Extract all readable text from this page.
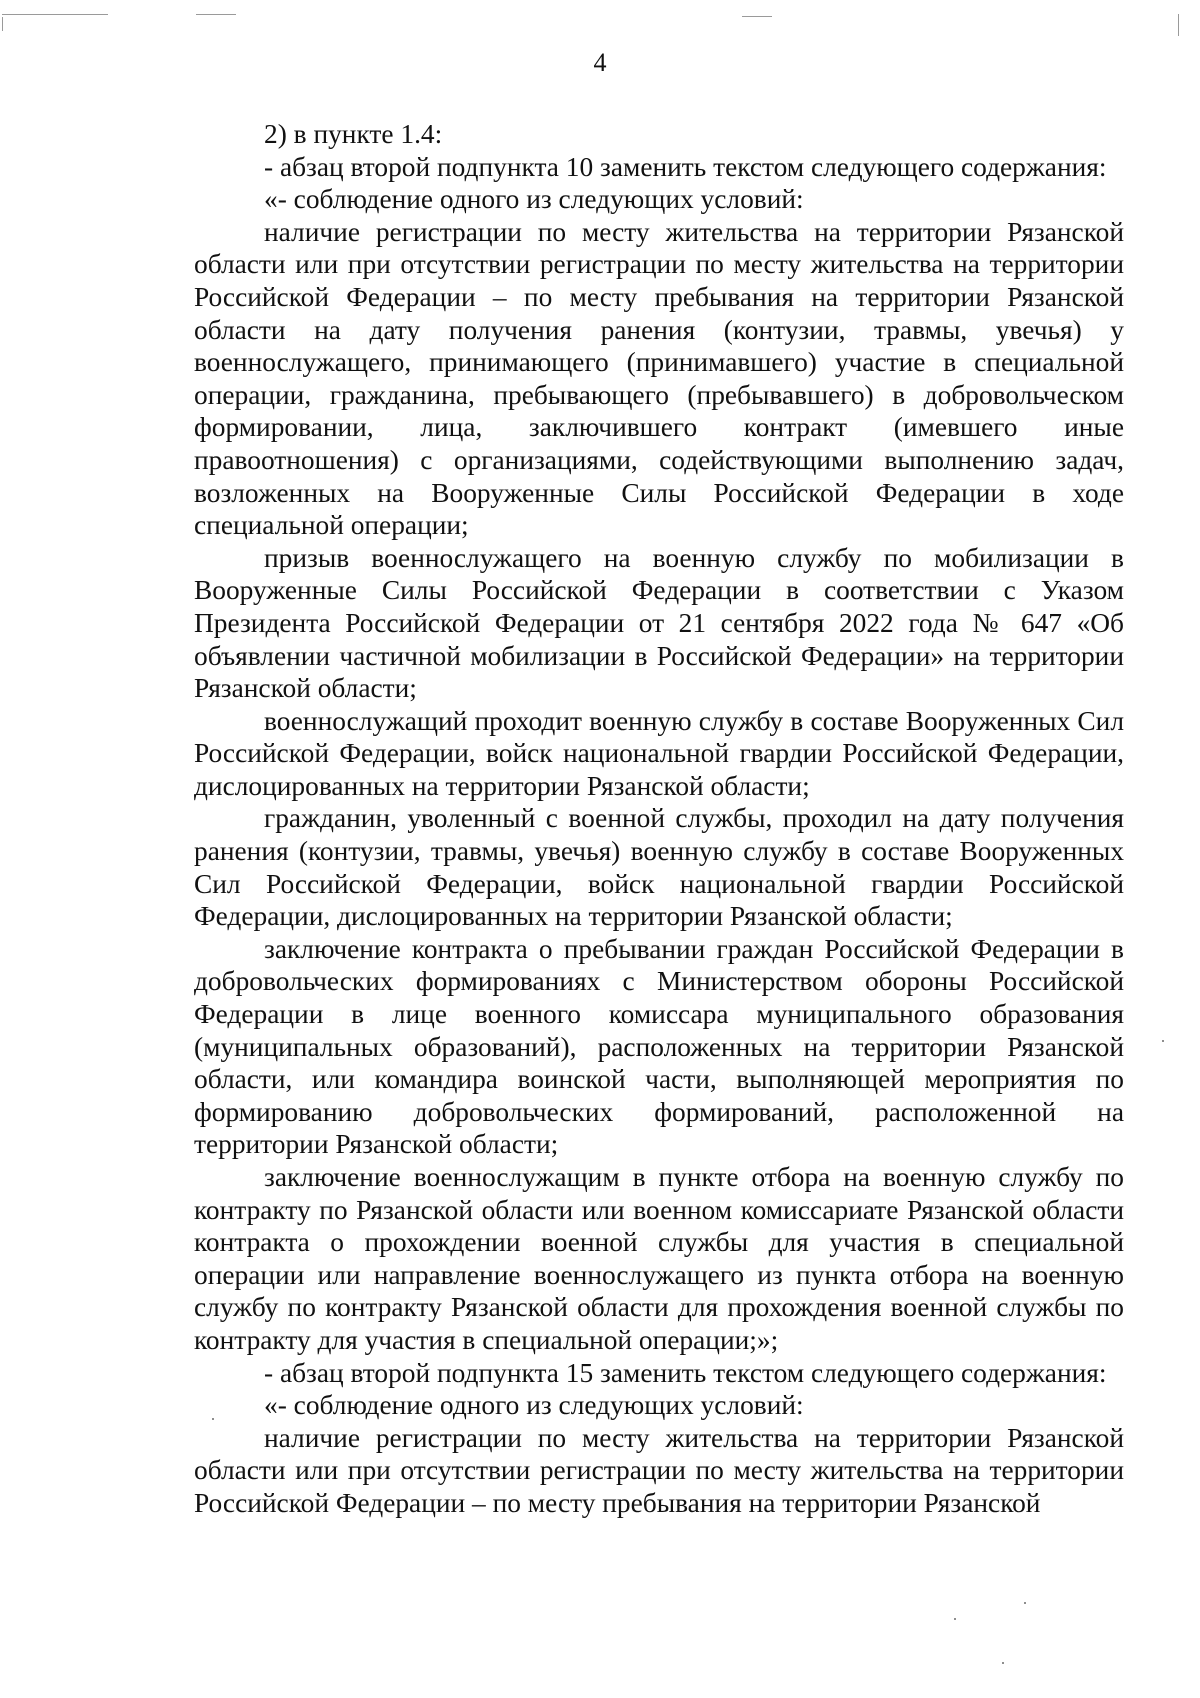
4

2) в пункте 1.4:

- абзац второй подпункта 10 заменить текстом следующего содержания:

«- соблюдение одного из следующих условий:

наличие регистрации по месту жительства на территории Рязанской области или при отсутствии регистрации по месту жительства на территории Российской Федерации – по месту пребывания на территории Рязанской области на дату получения ранения (контузии, травмы, увечья) у военнослужащего, принимающего (принимавшего) участие в специальной операции, гражданина, пребывающего (пребывавшего) в добровольческом формировании, лица, заключившего контракт (имевшего иные правоотношения) с организациями, содействующими выполнению задач, возложенных на Вооруженные Силы Российской Федерации в ходе специальной операции;

призыв военнослужащего на военную службу по мобилизации в Вооруженные Силы Российской Федерации в соответствии с Указом Президента Российской Федерации от 21 сентября 2022 года № 647 «Об объявлении частичной мобилизации в Российской Федерации» на территории Рязанской области;

военнослужащий проходит военную службу в составе Вооруженных Сил Российской Федерации, войск национальной гвардии Российской Федерации, дислоцированных на территории Рязанской области;

гражданин, уволенный с военной службы, проходил на дату получения ранения (контузии, травмы, увечья) военную службу в составе Вооруженных Сил Российской Федерации, войск национальной гвардии Российской Федерации, дислоцированных на территории Рязанской области;

заключение контракта о пребывании граждан Российской Федерации в добровольческих формированиях с Министерством обороны Российской Федерации в лице военного комиссара муниципального образования (муниципальных образований), расположенных на территории Рязанской области, или командира воинской части, выполняющей мероприятия по формированию добровольческих формирований, расположенной на территории Рязанской области;

заключение военнослужащим в пункте отбора на военную службу по контракту по Рязанской области или военном комиссариате Рязанской области контракта о прохождении военной службы для участия в специальной операции или направление военнослужащего из пункта отбора на военную службу по контракту Рязанской области для прохождения военной службы по контракту для участия в специальной операции;»;

- абзац второй подпункта 15 заменить текстом следующего содержания:

«- соблюдение одного из следующих условий:

наличие регистрации по месту жительства на территории Рязанской области или при отсутствии регистрации по месту жительства на территории Российской Федерации – по месту пребывания на территории Рязанской
